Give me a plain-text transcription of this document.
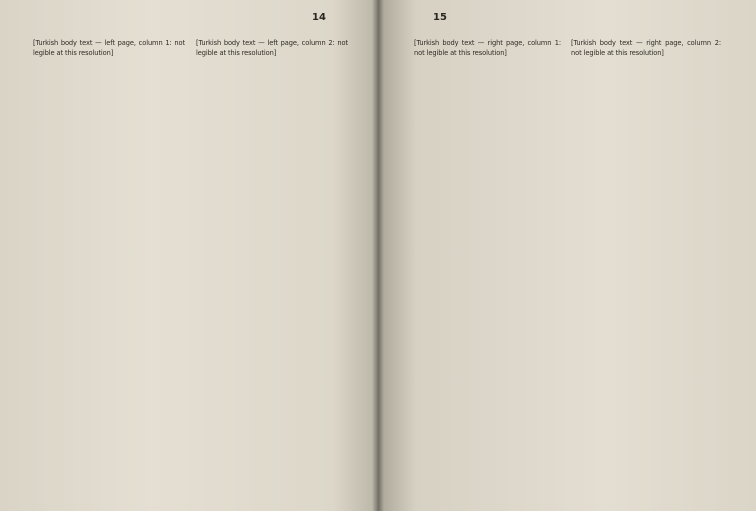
14

[Turkish body text — left page, column 1: not legible at this resolution]

[Turkish body text — left page, column 2: not legible at this resolution]

15

[Turkish body text — right page, column 1: not legible at this resolution]

[Turkish body text — right page, column 2: not legible at this resolution]
